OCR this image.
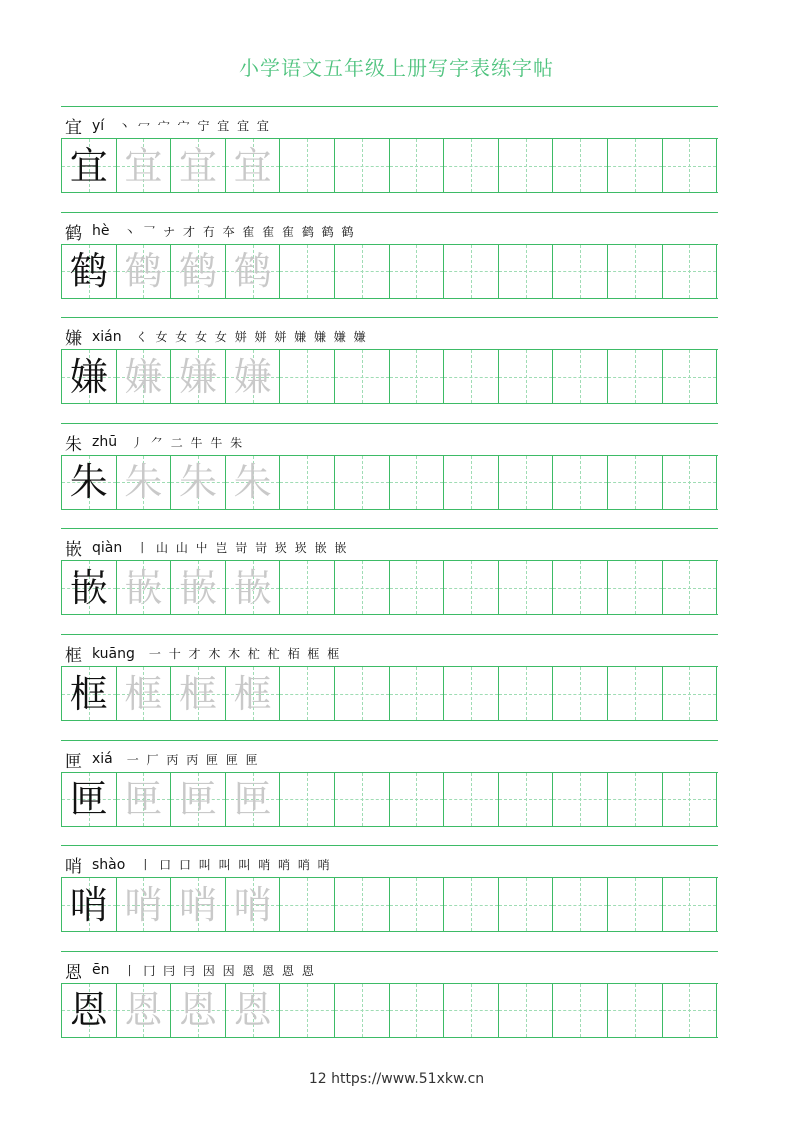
小学语文五年级上册写字表练字帖
宜 yí 丶 冖 宀 宀 宁 宜 宜 宜
宜 宜 宜 宜
鹤 hè 丶 乛 ナ 才 冇 夲 隺 隺 隺 鹤 鹤 鹤
鹤 鹤 鹤 鹤
嫌 xián く 女 女 女 女 姘 姘 姘 嫌 嫌 嫌 嫌
嫌 嫌 嫌 嫌
朱 zhū 丿 ⺈ 二 牛 牛 朱
朱 朱 朱 朱
嵌 qiàn 丨 山 山 屮 岂 岢 岢 崁 崁 嵌 嵌
嵌 嵌 嵌 嵌
框 kuāng 一 十 才 木 木 杧 杧 栢 框 框
框 框 框 框
匣 xiá 一 厂 丙 丙 匣 匣 匣
匣 匣 匣 匣
哨 shào 丨 口 口 叫 叫 叫 哨 哨 哨 哨
哨 哨 哨 哨
恩 ēn 丨 冂 冃 冃 因 因 恩 恩 恩 恩
恩 恩 恩 恩
12 https://www.51xkw.cn
